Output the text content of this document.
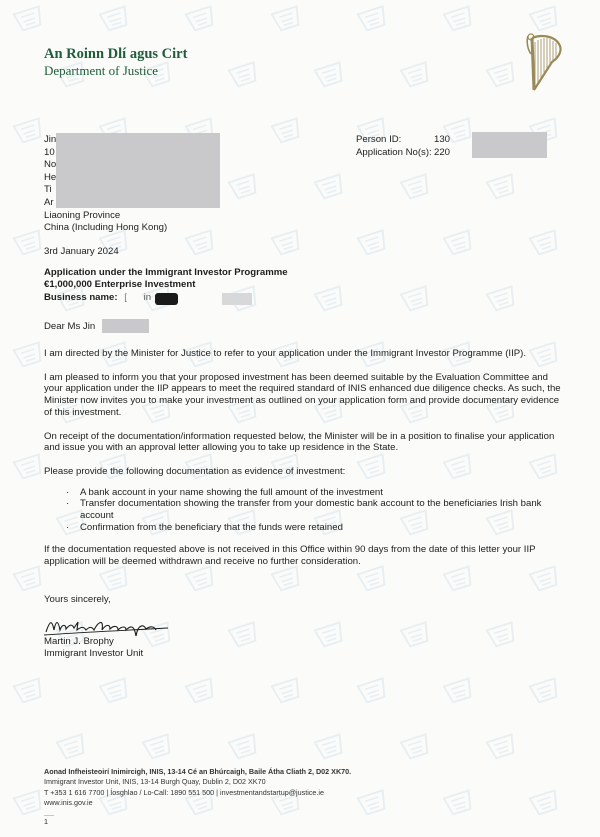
An Roinn Dlí agus Cirt
Department of Justice
Jin
10
No
He
Ti
Ar
Liaoning Province
China (Including Hong Kong)
Person ID:	130
Application No(s): 220
3rd January 2024
Application under the Immigrant Investor Programme
€1,000,000 Enterprise Investment
Business name: [ in
Dear Ms Jin

I am directed by the Minister for Justice to refer to your application under the Immigrant Investor Programme (IIP).

I am pleased to inform you that your proposed investment has been deemed suitable by the Evaluation Committee and your application under the IIP appears to meet the required standard of INIS enhanced due diligence checks. As such, the Minister now invites you to make your investment as outlined on your application form and provide documentary evidence of this investment.

On receipt of the documentation/information requested below, the Minister will be in a position to finalise your application and issue you with an approval letter allowing you to take up residence in the State.

Please provide the following documentation as evidence of investment:

· A bank account in your name showing the full amount of the investment
· Transfer documentation showing the transfer from your domestic bank account to the beneficiaries Irish bank account
· Confirmation from the beneficiary that the funds were retained

If the documentation requested above is not received in this Office within 90 days from the date of this letter your IIP application will be deemed withdrawn and receive no further consideration.

Yours sincerely,
Martin J. Brophy
Immigrant Investor Unit
Aonad Infheisteoirí Inimircigh, INIS, 13-14 Cé an Bhúrcaigh, Baile Átha Cliath 2, D02 XK70.
Immigrant Investor Unit, INIS, 13-14 Burgh Quay, Dublin 2, D02 XK70
T +353 1 616 7700 | Íosghlao / Lo-Call: 1890 551 500 | investmentandstartup@justice.ie
www.inis.gov.ie
.....
1
